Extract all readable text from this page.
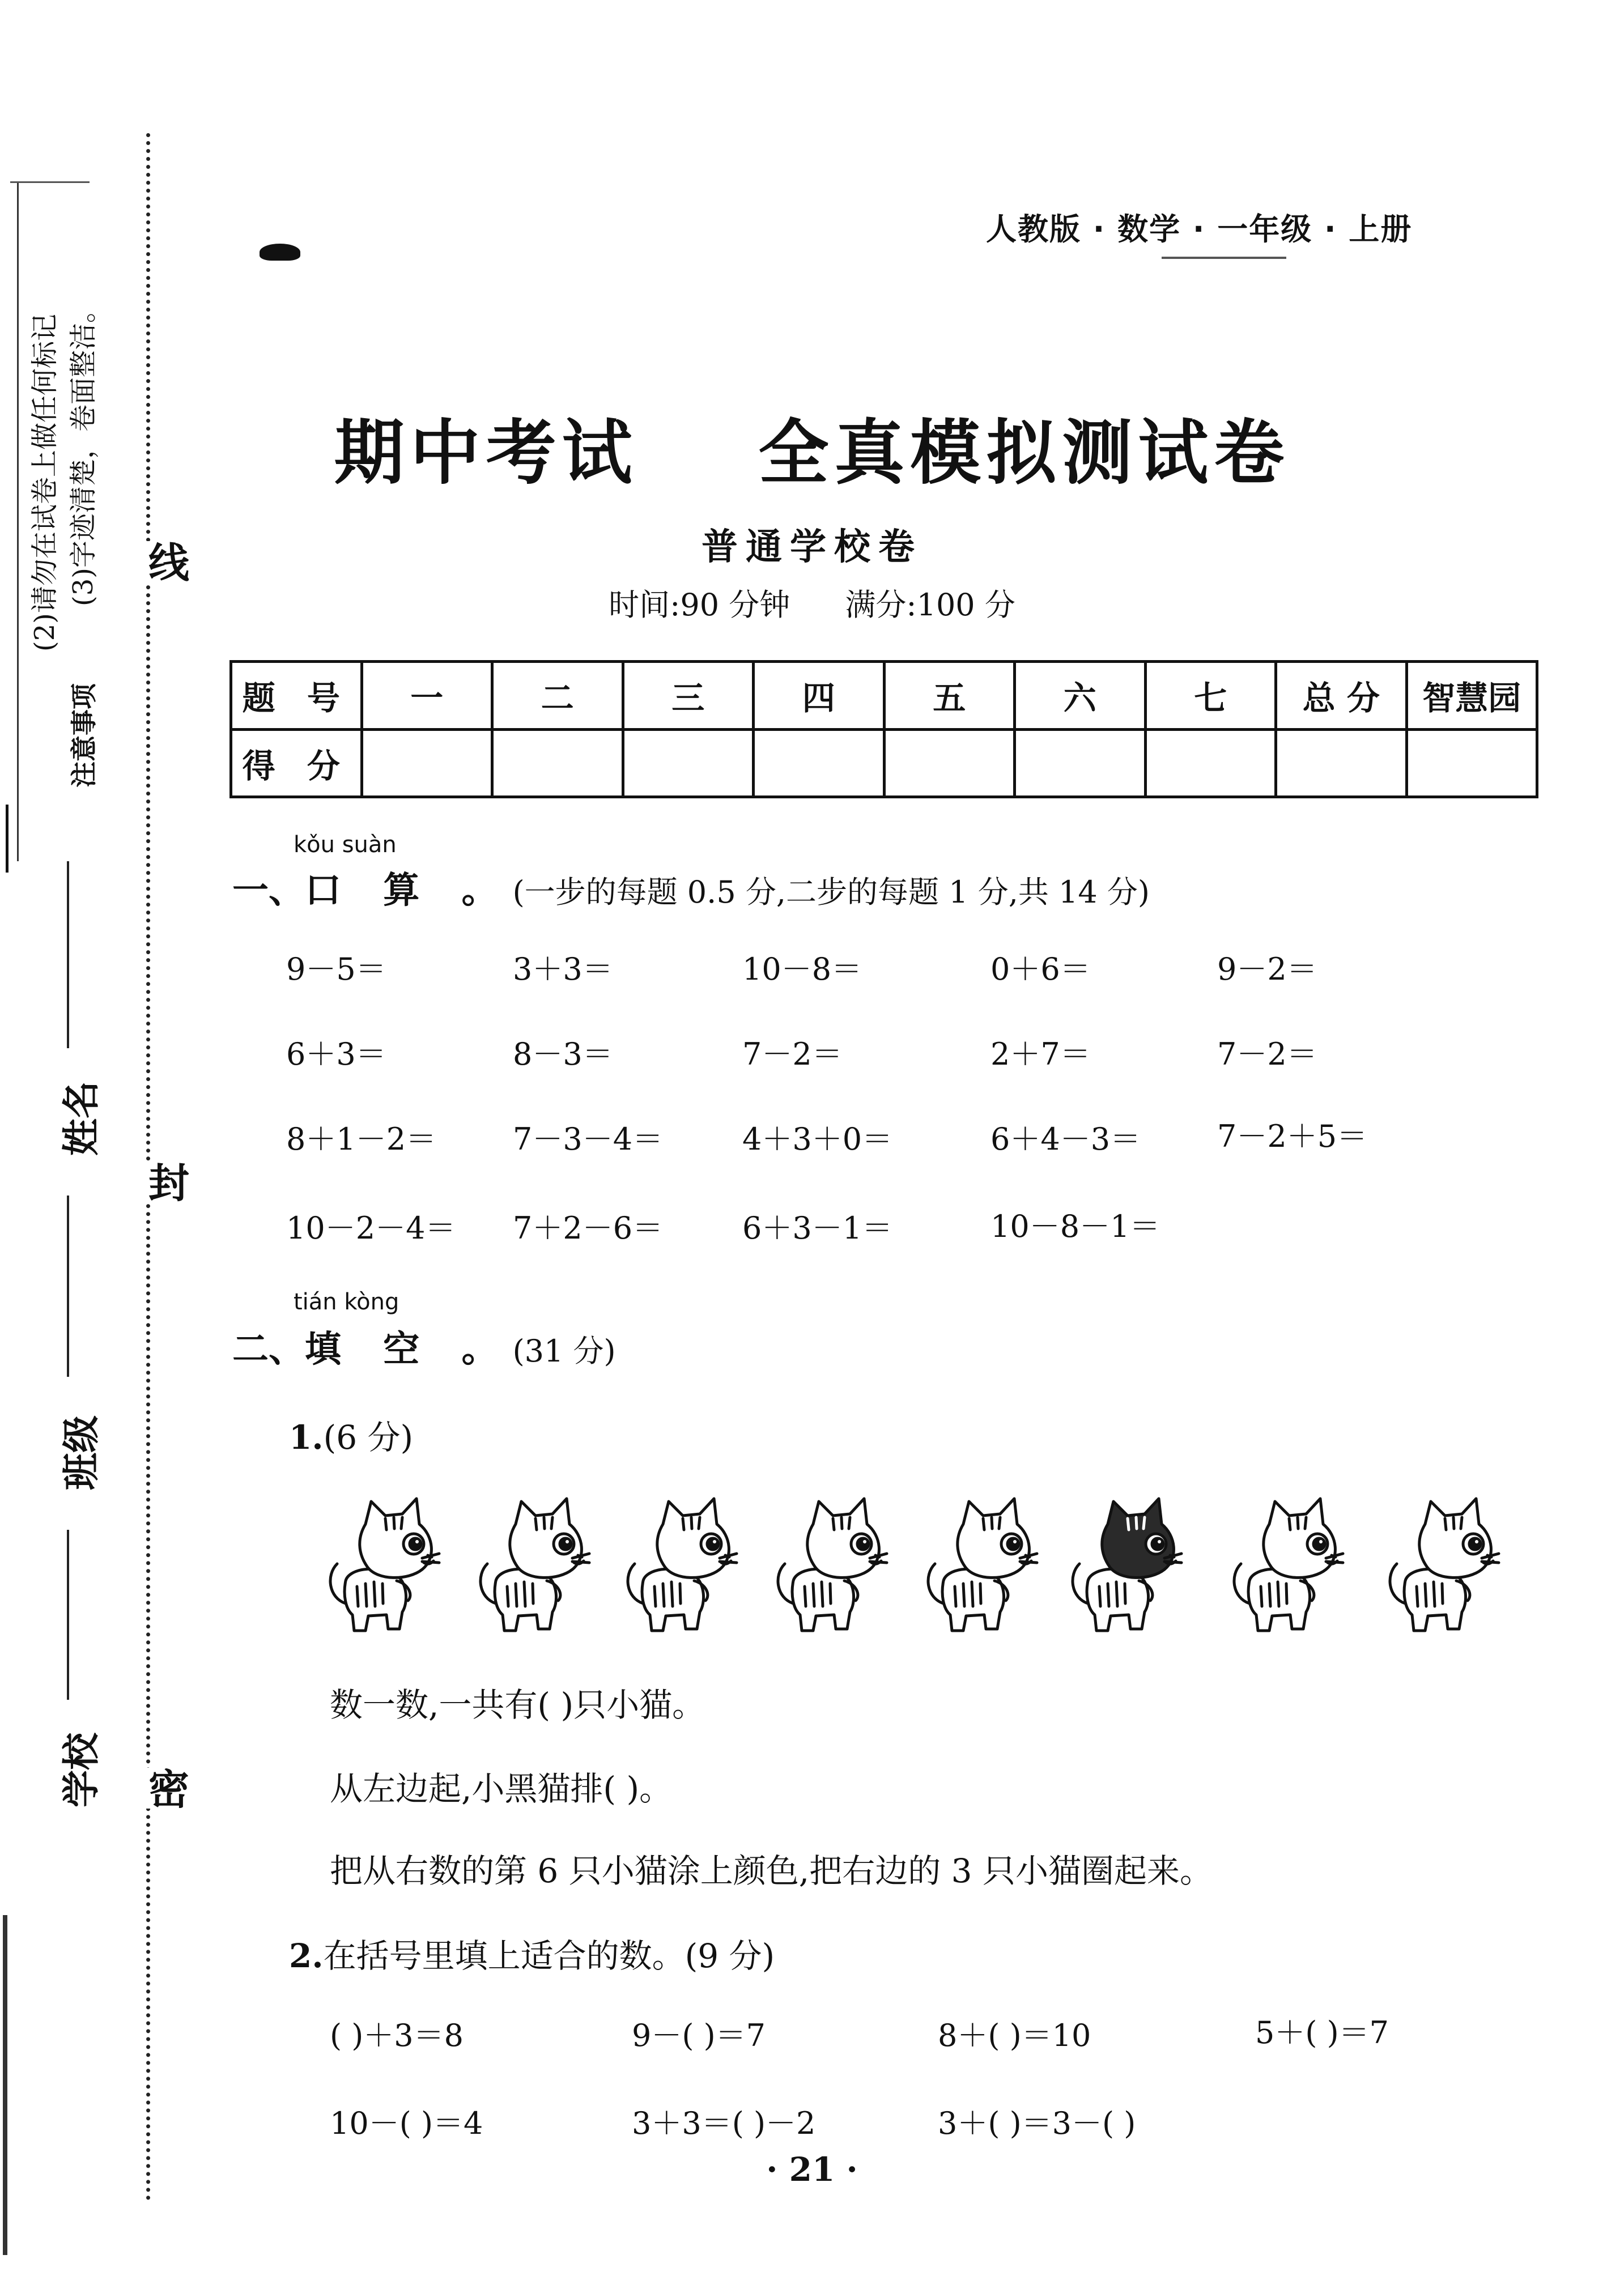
(2)请勿在试卷上做任何标记 (3)字迹清楚，卷面整洁。
注意事项
姓名
班级
学校
线
封
密
人教版 · 数学 · 一年级 · 上册
期中考试    全真模拟测试卷
普通学校卷
时间:90 分钟 满分:100 分
题 号	一	二	三	四	五	六	七	总 分	智慧园
得 分									
kǒu suàn
一、口 算 。(一步的每题 0.5 分,二步的每题 1 分,共 14 分)
9－5＝	3＋3＝	10－8＝	0＋6＝	9－2＝
6＋3＝	8－3＝	7－2＝	2＋7＝	7－2＝
8＋1－2＝ 7－3－4＝	4＋3＋0＝	6＋4－3＝ 7－2＋5＝
10－2－4＝ 7＋2－6＝	6＋3－1＝	10－8－1＝
tián kòng
二、填 空 。(31 分)
1.(6 分)
数一数,一共有( )只小猫。
从左边起,小黑猫排( )。
把从右数的第 6 只小猫涂上颜色,把右边的 3 只小猫圈起来。
2.在括号里填上适合的数。(9 分)
( )＋3＝8	9－( )＝7	8＋( )＝10	5＋( )＝7
10－( )＝4	3＋3＝( )－2	3＋( )＝3－( )
· 21 ·
